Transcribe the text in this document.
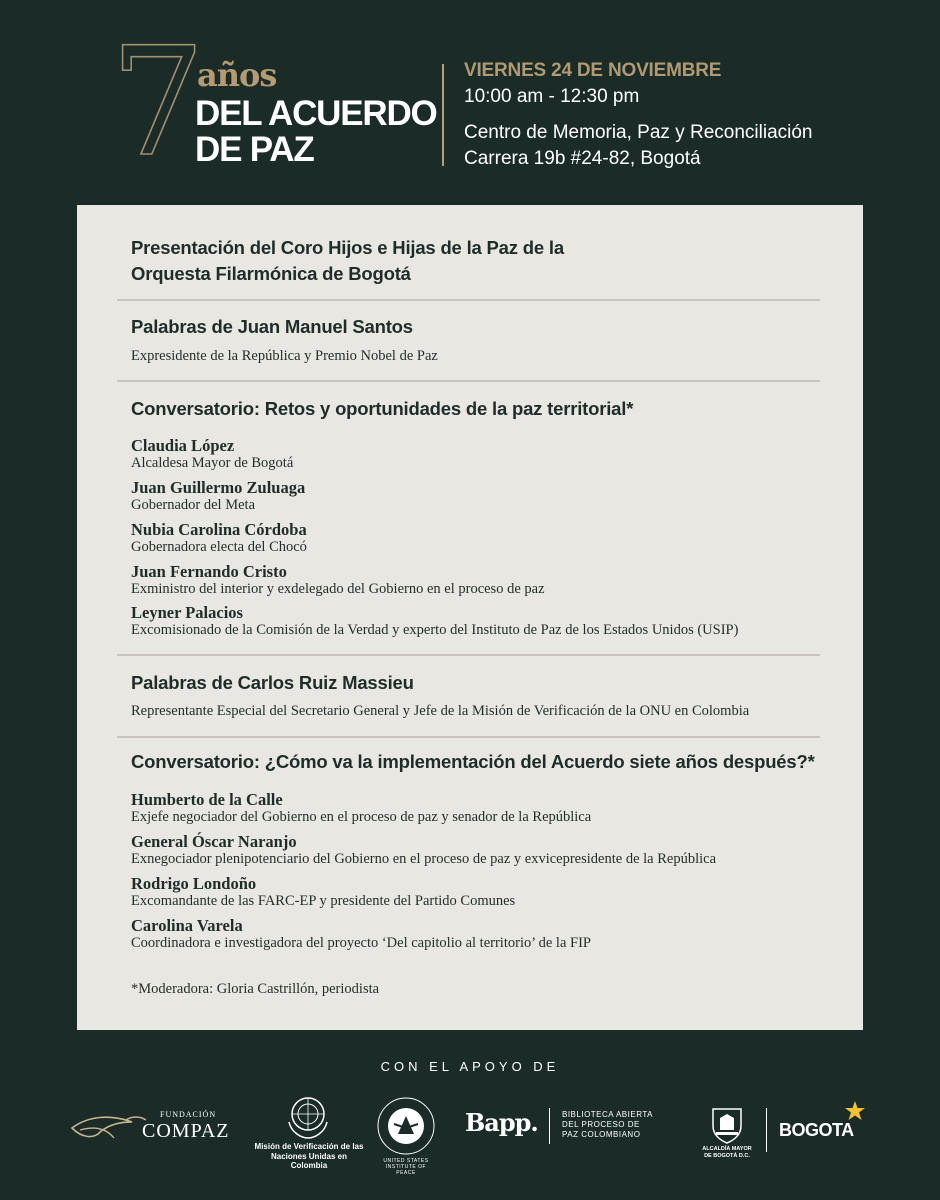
7
años
DEL ACUERDO
DE PAZ
VIERNES 24 DE NOVIEMBRE
10:00 am - 12:30 pm
Centro de Memoria, Paz y Reconciliación
Carrera 19b #24-82, Bogotá
Presentación del Coro Hijos e Hijas de la Paz de la
Orquesta Filarmónica de Bogotá
Palabras de Juan Manuel Santos
Expresidente de la República y Premio Nobel de Paz
Conversatorio: Retos y oportunidades de la paz territorial*
Claudia López
Alcaldesa Mayor de Bogotá
Juan Guillermo Zuluaga
Gobernador del Meta
Nubia Carolina Córdoba
Gobernadora electa del Chocó
Juan Fernando Cristo
Exministro del interior y exdelegado del Gobierno en el proceso de paz
Leyner Palacios
Excomisionado de la Comisión de la Verdad y experto del Instituto de Paz de los Estados Unidos (USIP)
Palabras de Carlos Ruiz Massieu
Representante Especial del Secretario General y Jefe de la Misión de Verificación de la ONU en Colombia
Conversatorio: ¿Cómo va la implementación del Acuerdo siete años después?*
Humberto de la Calle
Exjefe negociador del Gobierno en el proceso de paz y senador de la República
General Óscar Naranjo
Exnegociador plenipotenciario del Gobierno en el proceso de paz y exvicepresidente de la República
Rodrigo Londoño
Excomandante de las FARC-EP y presidente del Partido Comunes
Carolina Varela
Coordinadora e investigadora del proyecto ‘Del capitolio al territorio’ de la FIP
*Moderadora: Gloria Castrillón, periodista
CON EL APOYO DE
FUNDACIÓN
COMPAZ
Misión de Verificación de las Naciones Unidas en Colombia	UNITED STATES INSTITUTE OF PEACE
Bapp.	BIBLIOTECA ABIERTA
DEL PROCESO DE
PAZ COLOMBIANO
ALCALDÍA MAYOR
DE BOGOTÁ D.C.
BOGOTA
